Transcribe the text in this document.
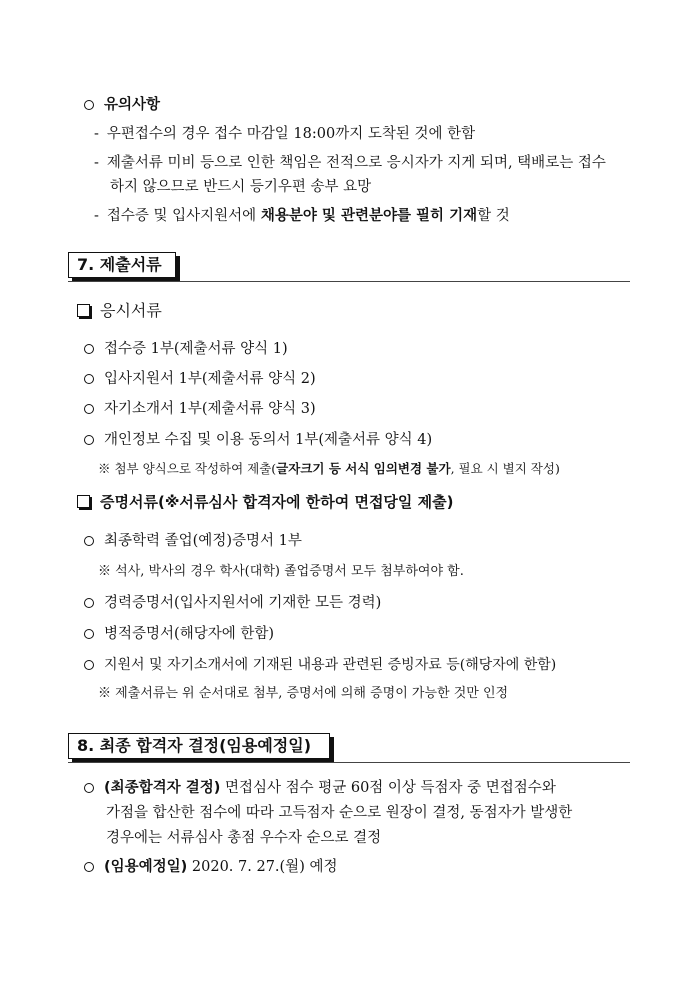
유의사항
- 우편접수의 경우 접수 마감일 18:00까지 도착된 것에 한함
- 제출서류 미비 등으로 인한 책임은 전적으로 응시자가 지게 되며, 택배로는 접수
하지 않으므로 반드시 등기우편 송부 요망
- 접수증 및 입사지원서에 채용분야 및 관련분야를 필히 기재할 것
7. 제출서류
응시서류
접수증 1부(제출서류 양식 1)
입사지원서 1부(제출서류 양식 2)
자기소개서 1부(제출서류 양식 3)
개인정보 수집 및 이용 동의서 1부(제출서류 양식 4)
※ 첨부 양식으로 작성하여 제출(글자크기 등 서식 임의변경 불가, 필요 시 별지 작성)
증명서류(※서류심사 합격자에 한하여 면접당일 제출)
최종학력 졸업(예정)증명서 1부
※ 석사, 박사의 경우 학사(대학) 졸업증명서 모두 첨부하여야 함.
경력증명서(입사지원서에 기재한 모든 경력)
병적증명서(해당자에 한함)
지원서 및 자기소개서에 기재된 내용과 관련된 증빙자료 등(해당자에 한함)
※ 제출서류는 위 순서대로 첨부, 증명서에 의해 증명이 가능한 것만 인정
8. 최종 합격자 결정(임용예정일)
(최종합격자 결정) 면접심사 점수 평균 60점 이상 득점자 중 면접점수와
가점을 합산한 점수에 따라 고득점자 순으로 원장이 결정, 동점자가 발생한
경우에는 서류심사 총점 우수자 순으로 결정
(임용예정일) 2020. 7. 27.(월) 예정
